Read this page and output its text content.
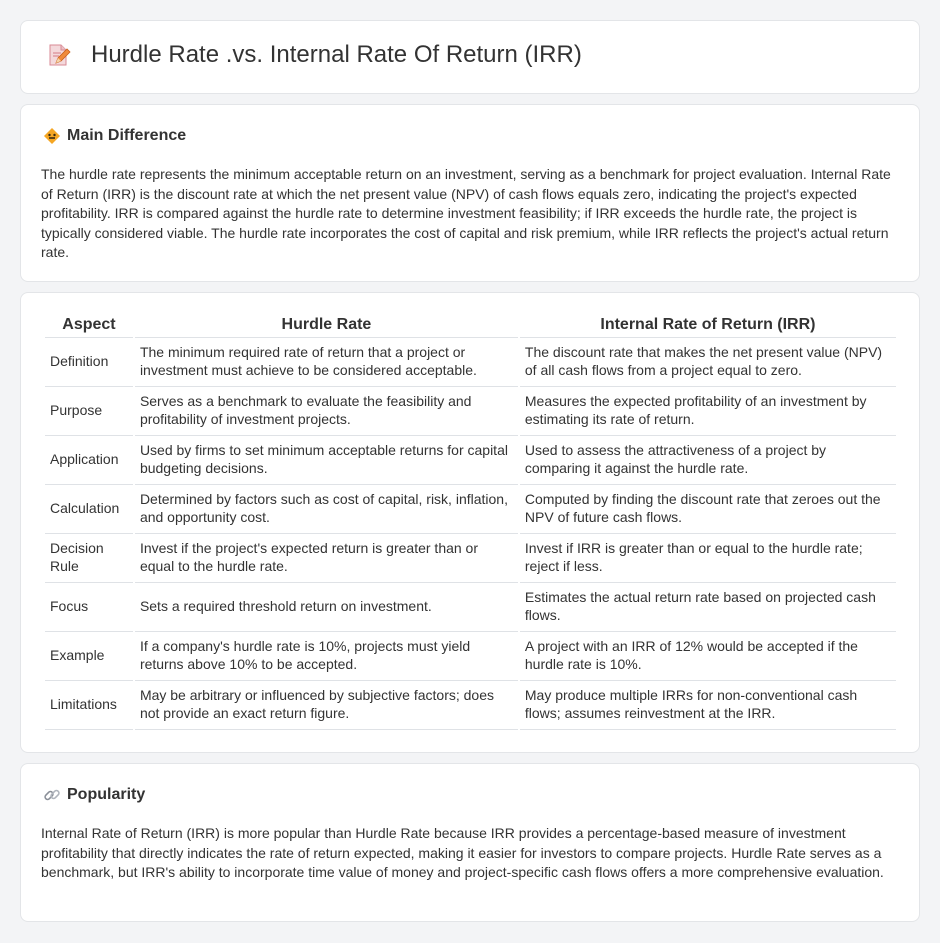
Hurdle Rate .vs. Internal Rate Of Return (IRR)
Main Difference

The hurdle rate represents the minimum acceptable return on an investment, serving as a benchmark for project evaluation. Internal Rate of Return (IRR) is the discount rate at which the net present value (NPV) of cash flows equals zero, indicating the project's expected profitability. IRR is compared against the hurdle rate to determine investment feasibility; if IRR exceeds the hurdle rate, the project is typically considered viable. The hurdle rate incorporates the cost of capital and risk premium, while IRR reflects the project's actual return rate.

Aspect	Hurdle Rate	Internal Rate of Return (IRR)
Definition	The minimum required rate of return that a project or investment must achieve to be considered acceptable.	The discount rate that makes the net present value (NPV) of all cash flows from a project equal to zero.
Purpose	Serves as a benchmark to evaluate the feasibility and profitability of investment projects.	Measures the expected profitability of an investment by estimating its rate of return.
Application	Used by firms to set minimum acceptable returns for capital budgeting decisions.	Used to assess the attractiveness of a project by comparing it against the hurdle rate.
Calculation	Determined by factors such as cost of capital, risk, inflation, and opportunity cost.	Computed by finding the discount rate that zeroes out the NPV of future cash flows.
Decision Rule	Invest if the project's expected return is greater than or equal to the hurdle rate.	Invest if IRR is greater than or equal to the hurdle rate; reject if less.
Focus	Sets a required threshold return on investment.	Estimates the actual return rate based on projected cash flows.
Example	If a company's hurdle rate is 10%, projects must yield returns above 10% to be accepted.	A project with an IRR of 12% would be accepted if the hurdle rate is 10%.
Limitations	May be arbitrary or influenced by subjective factors; does not provide an exact return figure.	May produce multiple IRRs for non-conventional cash flows; assumes reinvestment at the IRR.
Popularity

Internal Rate of Return (IRR) is more popular than Hurdle Rate because IRR provides a percentage-based measure of investment profitability that directly indicates the rate of return expected, making it easier for investors to compare projects. Hurdle Rate serves as a benchmark, but IRR's ability to incorporate time value of money and project-specific cash flows offers a more comprehensive evaluation.
